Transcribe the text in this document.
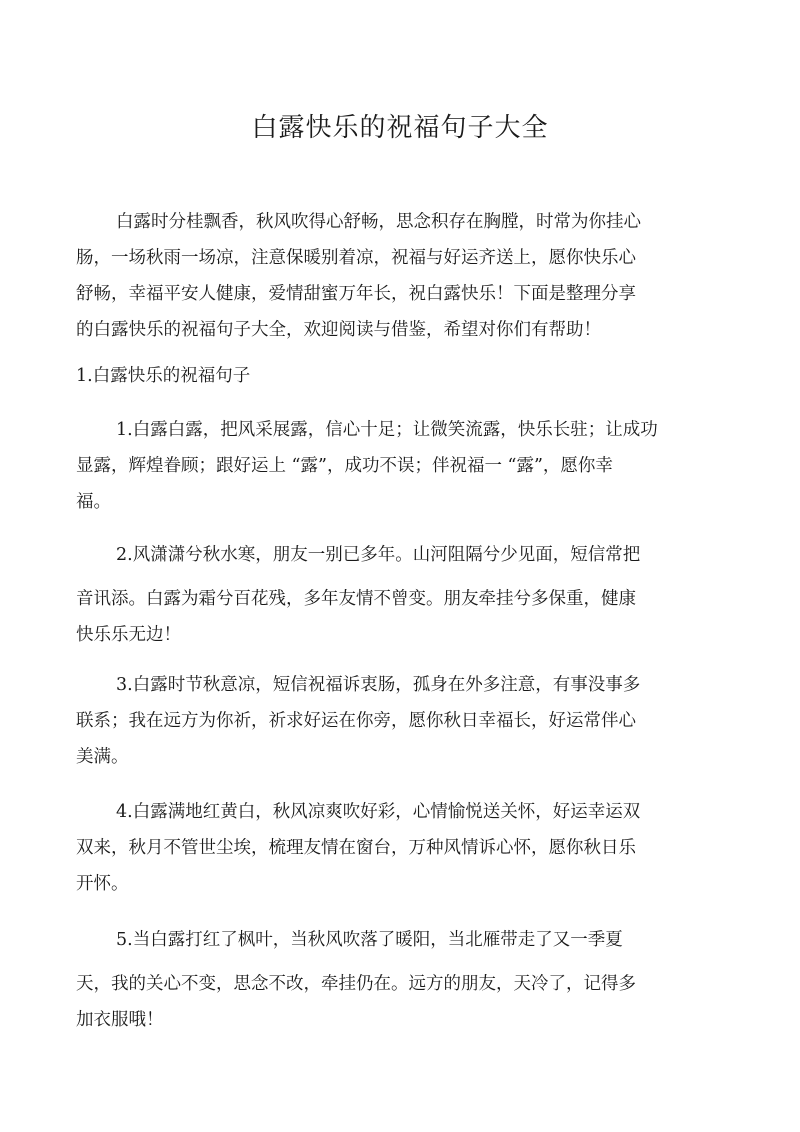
白露快乐的祝福句子大全
白露时分桂飘香，秋风吹得心舒畅，思念积存在胸膛，时常为你挂心
肠，一场秋雨一场凉，注意保暖别着凉，祝福与好运齐送上，愿你快乐心
舒畅，幸福平安人健康，爱情甜蜜万年长，祝白露快乐！下面是整理分享
的白露快乐的祝福句子大全，欢迎阅读与借鉴，希望对你们有帮助！
1.白露快乐的祝福句子
1.白露白露，把风采展露，信心十足；让微笑流露，快乐长驻；让成功
显露，辉煌眷顾；跟好运上 “露”，成功不误；伴祝福一 “露”，愿你幸
福。
2.风潇潇兮秋水寒，朋友一别已多年。山河阻隔兮少见面，短信常把
音讯添。白露为霜兮百花残，多年友情不曾变。朋友牵挂兮多保重，健康
快乐乐无边！
3.白露时节秋意凉，短信祝福诉衷肠，孤身在外多注意，有事没事多
联系；我在远方为你祈，祈求好运在你旁，愿你秋日幸福长，好运常伴心
美满。
4.白露满地红黄白，秋风凉爽吹好彩，心情愉悦送关怀，好运幸运双
双来，秋月不管世尘埃，梳理友情在窗台，万种风情诉心怀，愿你秋日乐
开怀。
5.当白露打红了枫叶，当秋风吹落了暖阳，当北雁带走了又一季夏
天，我的关心不变，思念不改，牵挂仍在。远方的朋友，天冷了，记得多
加衣服哦！
